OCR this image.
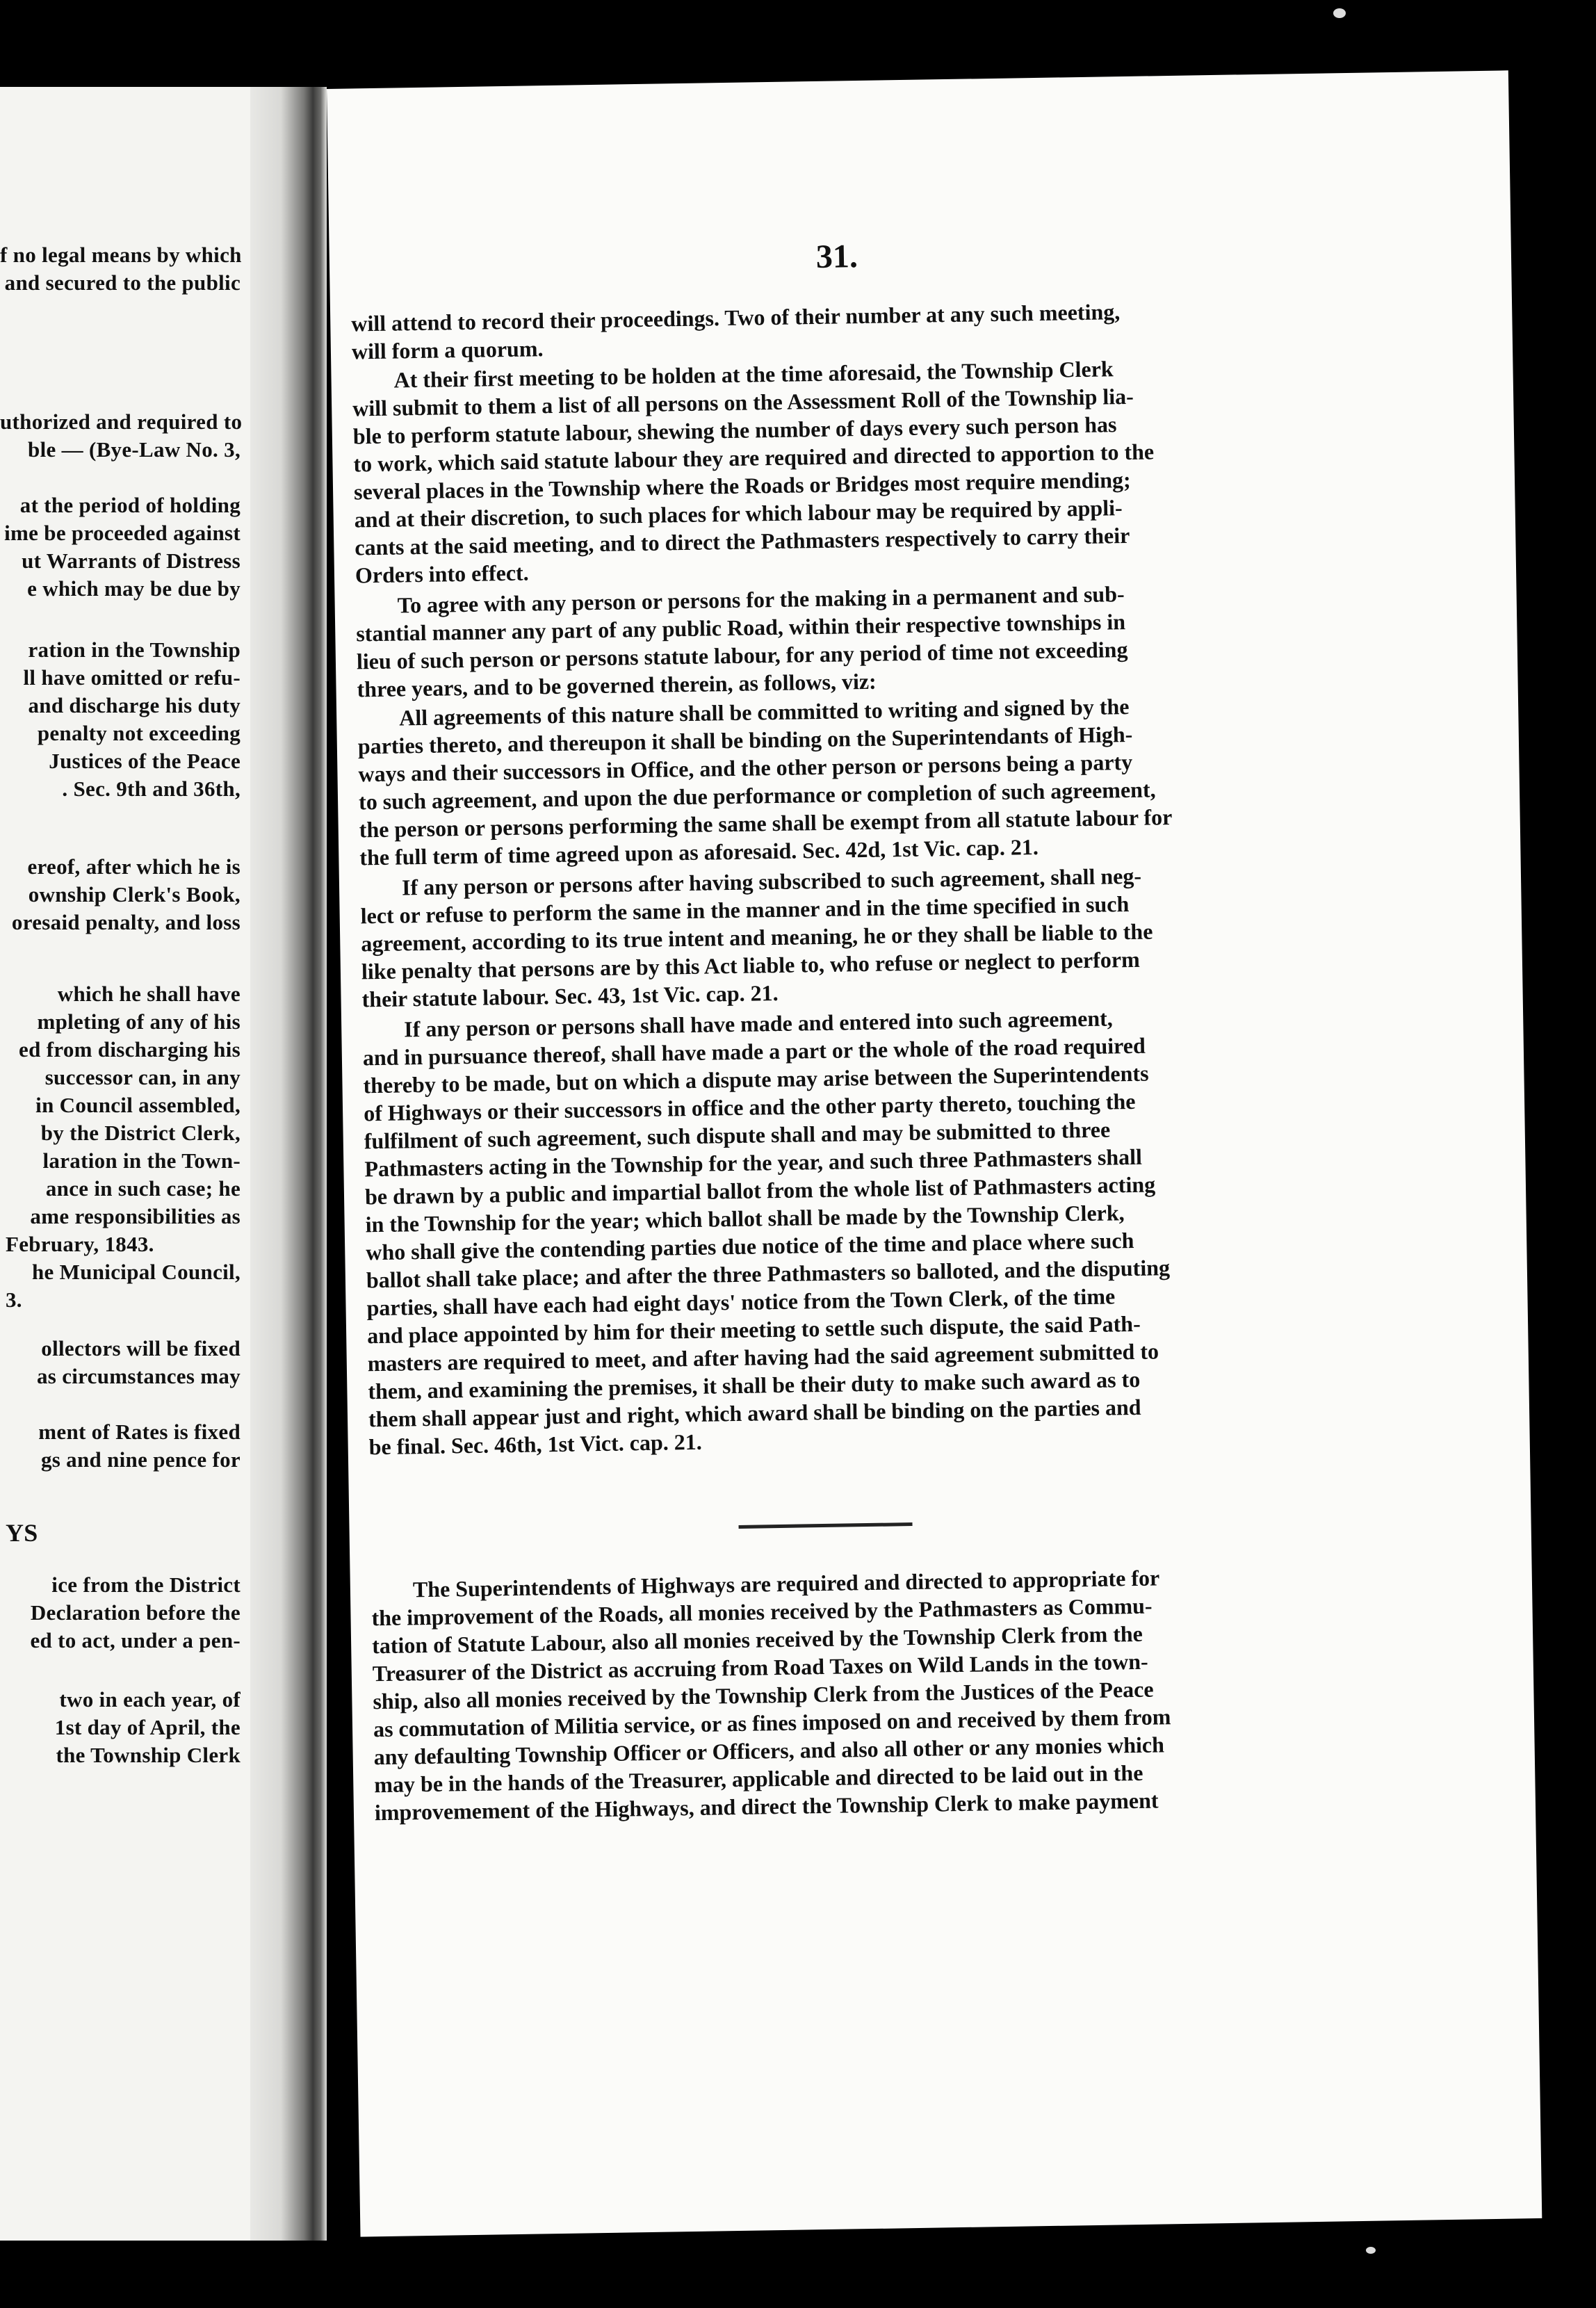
f no legal means by which
and secured to the public
uthorized and required to
ble — (Bye-Law No. 3,
at the period of holding
ime be proceeded against
ut Warrants of Distress
e which may be due by
ration in the Township
ll have omitted or refu-
and discharge his duty
penalty not exceeding
Justices of the Peace
. Sec. 9th and 36th,
ereof, after which he is
ownship Clerk's Book,
oresaid penalty, and loss
which he shall have
mpleting of any of his
ed from discharging his
successor can, in any
in Council assembled,
by the District Clerk,
laration in the Town-
ance in such case; he
ame responsibilities as
February, 1843.
he Municipal Council,
3.
ollectors will be fixed
as circumstances may
ment of Rates is fixed
gs and nine pence for
YS
ice from the District
Declaration before the
ed to act, under a pen-
two in each year, of
1st day of April, the
the Township Clerk
31.
will attend to record their proceedings. Two of their number at any such meeting,
will form a quorum.
At their first meeting to be holden at the time aforesaid, the Township Clerk
will submit to them a list of all persons on the Assessment Roll of the Township lia-
ble to perform statute labour, shewing the number of days every such person has
to work, which said statute labour they are required and directed to apportion to the
several places in the Township where the Roads or Bridges most require mending;
and at their discretion, to such places for which labour may be required by appli-
cants at the said meeting, and to direct the Pathmasters respectively to carry their
Orders into effect.
To agree with any person or persons for the making in a permanent and sub-
stantial manner any part of any public Road, within their respective townships in
lieu of such person or persons statute labour, for any period of time not exceeding
three years, and to be governed therein, as follows, viz:
All agreements of this nature shall be committed to writing and signed by the
parties thereto, and thereupon it shall be binding on the Superintendants of High-
ways and their successors in Office, and the other person or persons being a party
to such agreement, and upon the due performance or completion of such agreement,
the person or persons performing the same shall be exempt from all statute labour for
the full term of time agreed upon as aforesaid. Sec. 42d, 1st Vic. cap. 21.
If any person or persons after having subscribed to such agreement, shall neg-
lect or refuse to perform the same in the manner and in the time specified in such
agreement, according to its true intent and meaning, he or they shall be liable to the
like penalty that persons are by this Act liable to, who refuse or neglect to perform
their statute labour. Sec. 43, 1st Vic. cap. 21.
If any person or persons shall have made and entered into such agreement,
and in pursuance thereof, shall have made a part or the whole of the road required
thereby to be made, but on which a dispute may arise between the Superintendents
of Highways or their successors in office and the other party thereto, touching the
fulfilment of such agreement, such dispute shall and may be submitted to three
Pathmasters acting in the Township for the year, and such three Pathmasters shall
be drawn by a public and impartial ballot from the whole list of Pathmasters acting
in the Township for the year; which ballot shall be made by the Township Clerk,
who shall give the contending parties due notice of the time and place where such
ballot shall take place; and after the three Pathmasters so balloted, and the disputing
parties, shall have each had eight days' notice from the Town Clerk, of the time
and place appointed by him for their meeting to settle such dispute, the said Path-
masters are required to meet, and after having had the said agreement submitted to
them, and examining the premises, it shall be their duty to make such award as to
them shall appear just and right, which award shall be binding on the parties and
be final. Sec. 46th, 1st Vict. cap. 21.
The Superintendents of Highways are required and directed to appropriate for
the improvement of the Roads, all monies received by the Pathmasters as Commu-
tation of Statute Labour, also all monies received by the Township Clerk from the
Treasurer of the District as accruing from Road Taxes on Wild Lands in the town-
ship, also all monies received by the Township Clerk from the Justices of the Peace
as commutation of Militia service, or as fines imposed on and received by them from
any defaulting Township Officer or Officers, and also all other or any monies which
may be in the hands of the Treasurer, applicable and directed to be laid out in the
improvemement of the Highways, and direct the Township Clerk to make payment
